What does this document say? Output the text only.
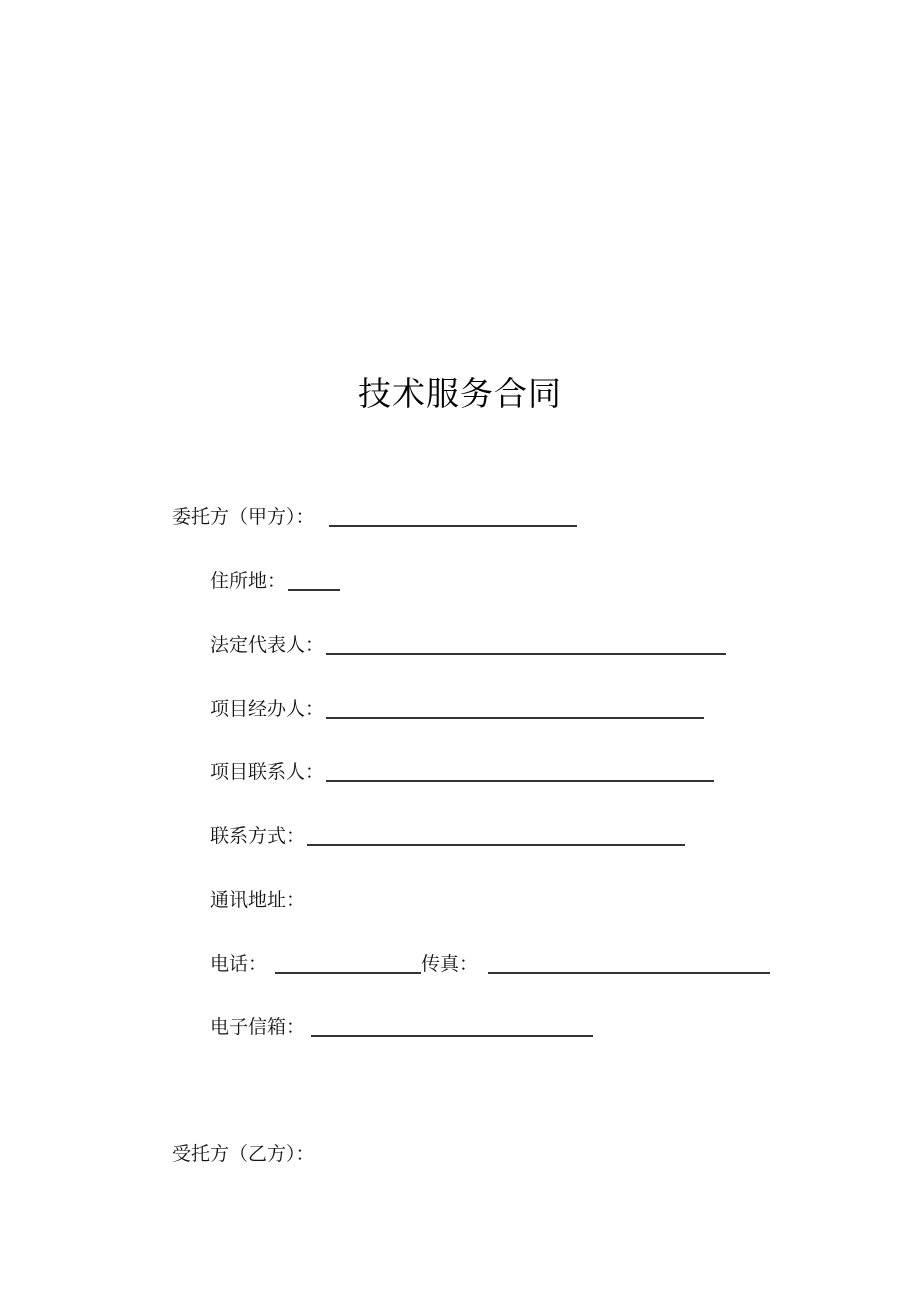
技术服务合同
委托方（甲方）：
住所地：
法定代表人：
项目经办人：
项目联系人：
联系方式：
通讯地址：
电话：	传真：
电子信箱：
受托方（乙方）：
